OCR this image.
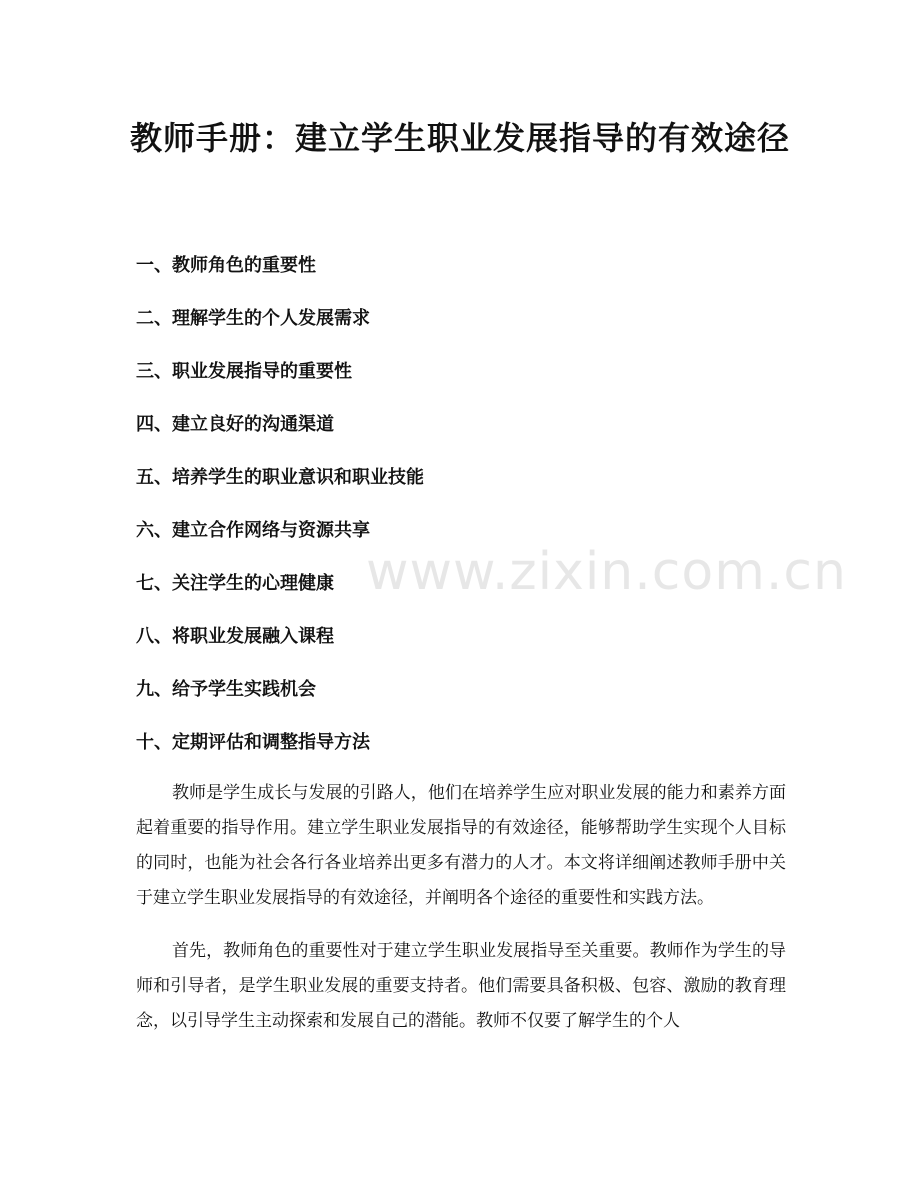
教师手册：建立学生职业发展指导的有效途径
一、教师角色的重要性
二、理解学生的个人发展需求
三、职业发展指导的重要性
四、建立良好的沟通渠道
五、培养学生的职业意识和职业技能
六、建立合作网络与资源共享
七、关注学生的心理健康
八、将职业发展融入课程
九、给予学生实践机会
十、定期评估和调整指导方法

教师是学生成长与发展的引路人，他们在培养学生应对职业发展的能力和素养方面起着重要的指导作用。建立学生职业发展指导的有效途径，能够帮助学生实现个人目标的同时，也能为社会各行各业培养出更多有潜力的人才。本文将详细阐述教师手册中关于建立学生职业发展指导的有效途径，并阐明各个途径的重要性和实践方法。

首先，教师角色的重要性对于建立学生职业发展指导至关重要。教师作为学生的导师和引导者，是学生职业发展的重要支持者。他们需要具备积极、包容、激励的教育理念，以引导学生主动探索和发展自己的潜能。教师不仅要了解学生的个人

www.zixin.com.cn
